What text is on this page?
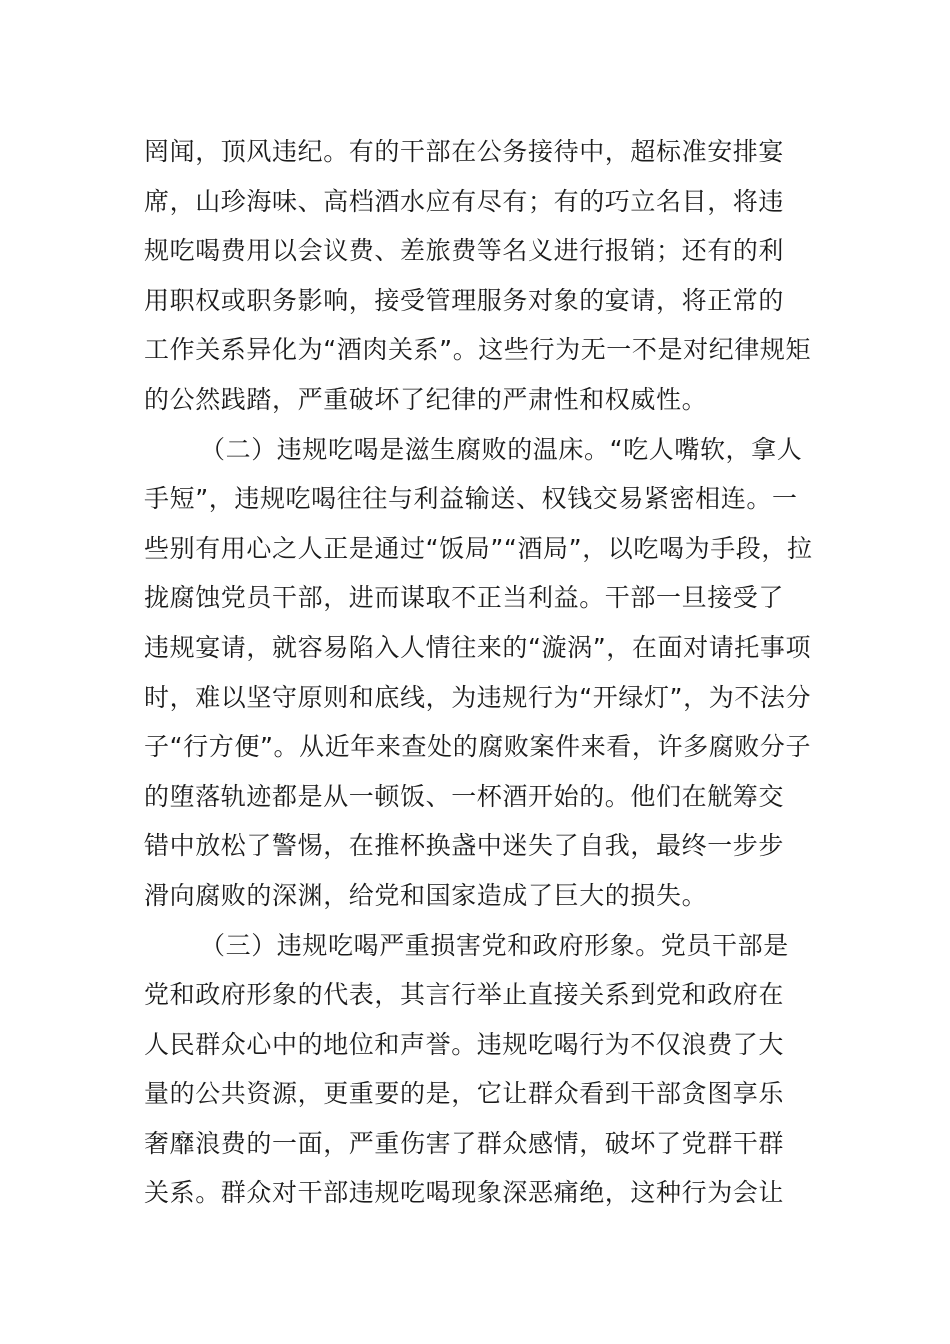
罔闻，顶风违纪。有的干部在公务接待中，超标准安排宴
席，山珍海味、高档酒水应有尽有；有的巧立名目，将违
规吃喝费用以会议费、差旅费等名义进行报销；还有的利
用职权或职务影响，接受管理服务对象的宴请，将正常的
工作关系异化为“酒肉关系”。这些行为无一不是对纪律规矩
的公然践踏，严重破坏了纪律的严肃性和权威性。
（二）违规吃喝是滋生腐败的温床。“吃人嘴软，拿人
手短”，违规吃喝往往与利益输送、权钱交易紧密相连。一
些别有用心之人正是通过“饭局”“酒局”，以吃喝为手段，拉
拢腐蚀党员干部，进而谋取不正当利益。干部一旦接受了
违规宴请，就容易陷入人情往来的“漩涡”，在面对请托事项
时，难以坚守原则和底线，为违规行为“开绿灯”，为不法分
子“行方便”。从近年来查处的腐败案件来看，许多腐败分子
的堕落轨迹都是从一顿饭、一杯酒开始的。他们在觥筹交
错中放松了警惕，在推杯换盏中迷失了自我，最终一步步
滑向腐败的深渊，给党和国家造成了巨大的损失。
（三）违规吃喝严重损害党和政府形象。党员干部是
党和政府形象的代表，其言行举止直接关系到党和政府在
人民群众心中的地位和声誉。违规吃喝行为不仅浪费了大
量的公共资源，更重要的是，它让群众看到干部贪图享乐
奢靡浪费的一面，严重伤害了群众感情，破坏了党群干群
关系。群众对干部违规吃喝现象深恶痛绝，这种行为会让
